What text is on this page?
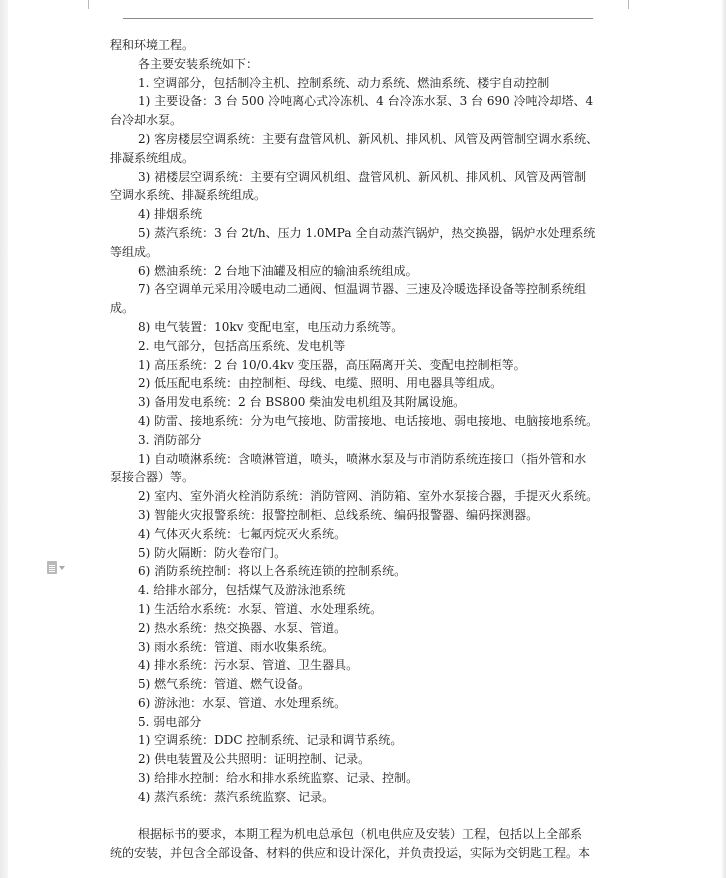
程和环境工程。

各主要安装系统如下：

1. 空调部分，包括制冷主机、控制系统、动力系统、燃油系统、楼宇自动控制

1) 主要设备：3 台 500 冷吨离心式冷冻机、4 台冷冻水泵、3 台 690 冷吨冷却塔、4

台冷却水泵。

2) 客房楼层空调系统：主要有盘管风机、新风机、排风机、风管及两管制空调水系统、

排凝系统组成。

3) 裙楼层空调系统：主要有空调风机组、盘管风机、新风机、排风机、风管及两管制

空调水系统、排凝系统组成。

4) 排烟系统

5) 蒸汽系统：3 台 2t/h、压力 1.0MPa 全自动蒸汽锅炉，热交换器，锅炉水处理系统

等组成。

6) 燃油系统：2 台地下油罐及相应的输油系统组成。

7) 各空调单元采用冷暖电动二通阀、恒温调节器、三速及冷暖选择设备等控制系统组

成。

8) 电气装置：10kv 变配电室，电压动力系统等。

2. 电气部分，包括高压系统、发电机等

1) 高压系统：2 台 10/0.4kv 变压器，高压隔离开关、变配电控制柜等。

2) 低压配电系统：由控制柜、母线、电缆、照明、用电器具等组成。

3) 备用发电系统：2 台 BS800 柴油发电机组及其附属设施。

4) 防雷、接地系统：分为电气接地、防雷接地、电话接地、弱电接地、电脑接地系统。

3. 消防部分

1) 自动喷淋系统：含喷淋管道，喷头，喷淋水泵及与市消防系统连接口（指外管和水

泵接合器）等。

2) 室内、室外消火栓消防系统：消防管网、消防箱、室外水泵接合器，手提灭火系统。

3) 智能火灾报警系统：报警控制柜、总线系统、编码报警器、编码探测器。

4) 气体灭火系统：七氟丙烷灭火系统。

5) 防火隔断：防火卷帘门。

6) 消防系统控制：将以上各系统连锁的控制系统。

4. 给排水部分，包括煤气及游泳池系统

1) 生活给水系统：水泵、管道、水处理系统。

2) 热水系统：热交换器、水泵、管道。

3) 雨水系统：管道、雨水收集系统。

4) 排水系统：污水泵、管道、卫生器具。

5) 燃气系统：管道、燃气设备。

6) 游泳池：水泵、管道、水处理系统。

5. 弱电部分

1) 空调系统：DDC 控制系统、记录和调节系统。

2) 供电装置及公共照明：证明控制、记录。

3) 给排水控制：给水和排水系统监察、记录、控制。

4) 蒸汽系统：蒸汽系统监察、记录。

根据标书的要求，本期工程为机电总承包（机电供应及安装）工程，包括以上全部系

统的安装，并包含全部设备、材料的供应和设计深化，并负责投运，实际为交钥匙工程。本
